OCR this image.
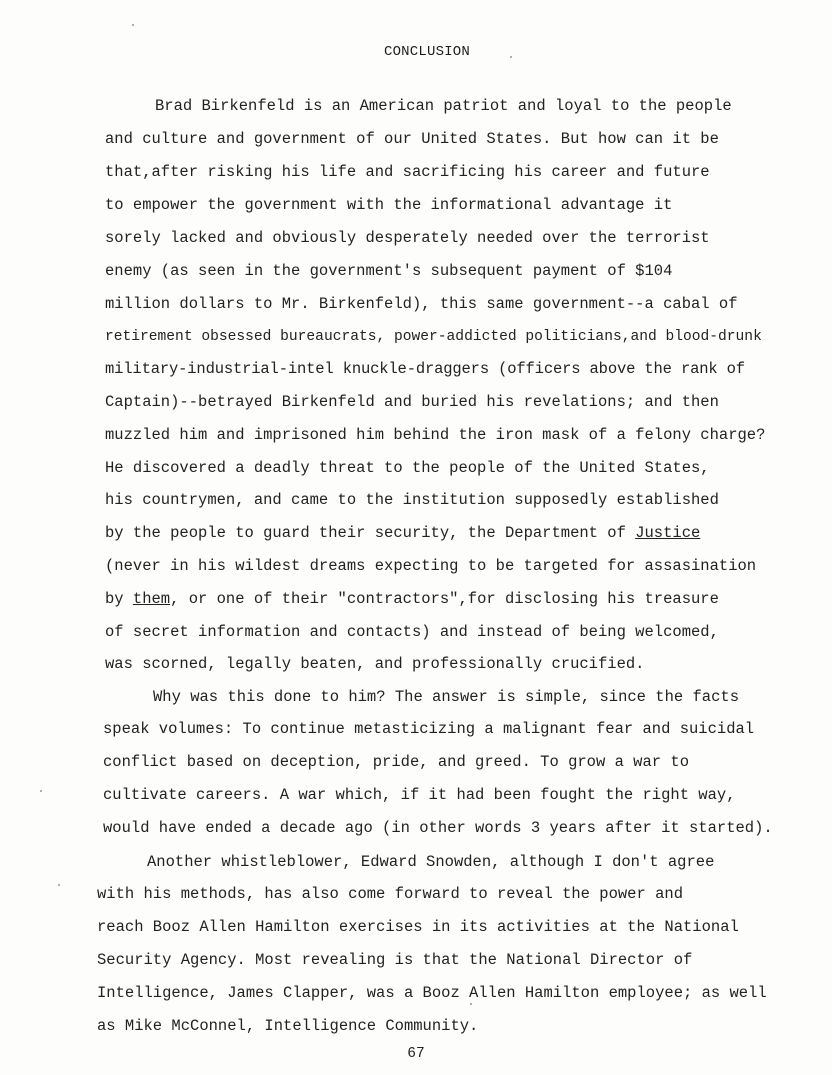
CONCLUSION
Brad Birkenfeld is an American patriot and loyal to the people
and culture and government of our United States. But how can it be
that,after risking his life and sacrificing his career and future
to empower the government with the informational advantage it
sorely lacked and obviously desperately needed over the terrorist
enemy (as seen in the government's subsequent payment of $104
million dollars to Mr. Birkenfeld), this same government--a cabal of
retirement obsessed bureaucrats, power-addicted politicians,and blood-drunk
military-industrial-intel knuckle-draggers (officers above the rank of
Captain)--betrayed Birkenfeld and buried his revelations; and then
muzzled him and imprisoned him behind the iron mask of a felony charge?
He discovered a deadly threat to the people of the United States,
his countrymen, and came to the institution supposedly established
by the people to guard their security, the Department of Justice
(never in his wildest dreams expecting to be targeted for assasination
by them, or one of their "contractors",for disclosing his treasure
of secret information and contacts) and instead of being welcomed,
was scorned, legally beaten, and professionally crucified.
Why was this done to him? The answer is simple, since the facts
speak volumes: To continue metasticizing a malignant fear and suicidal
conflict based on deception, pride, and greed. To grow a war to
cultivate careers. A war which, if it had been fought the right way,
would have ended a decade ago (in other words 3 years after it started).
Another whistleblower, Edward Snowden, although I don't agree
with his methods, has also come forward to reveal the power and
reach Booz Allen Hamilton exercises in its activities at the National
Security Agency. Most revealing is that the National Director of
Intelligence, James Clapper, was a Booz Allen Hamilton employee; as well
as Mike McConnel, Intelligence Community.
67
